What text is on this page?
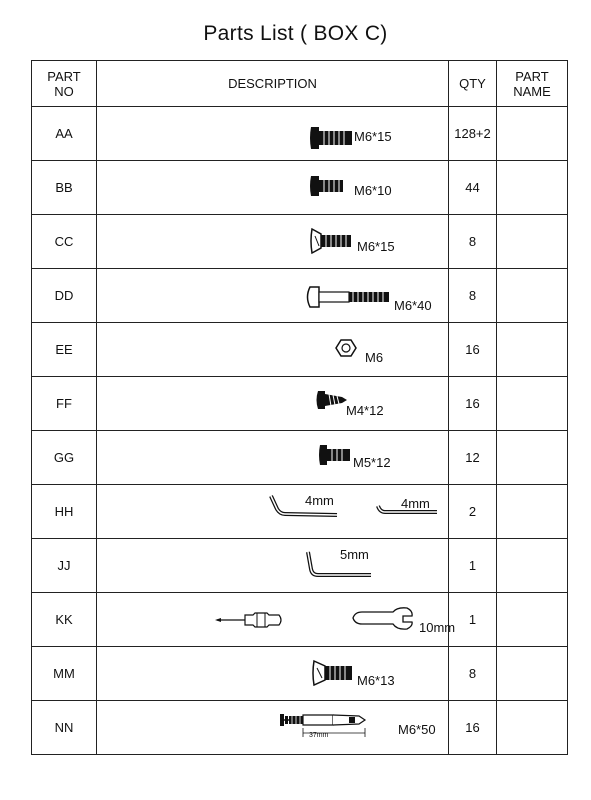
Parts List ( BOX C)
PART
NO	DESCRIPTION	QTY	PART
NAME
AA	M6*15	128+2	
BB	M6*10	44	
CC	M6*15	8	
DD	M6*40	8	
EE	M6	16	
FF	M4*12	16	
GG	M5*12	12	
HH	4mm 4mm	2	
JJ	5mm	1	
KK	10mm	1	
MM	M6*13	8	
NN	37mm M6*50	16	
